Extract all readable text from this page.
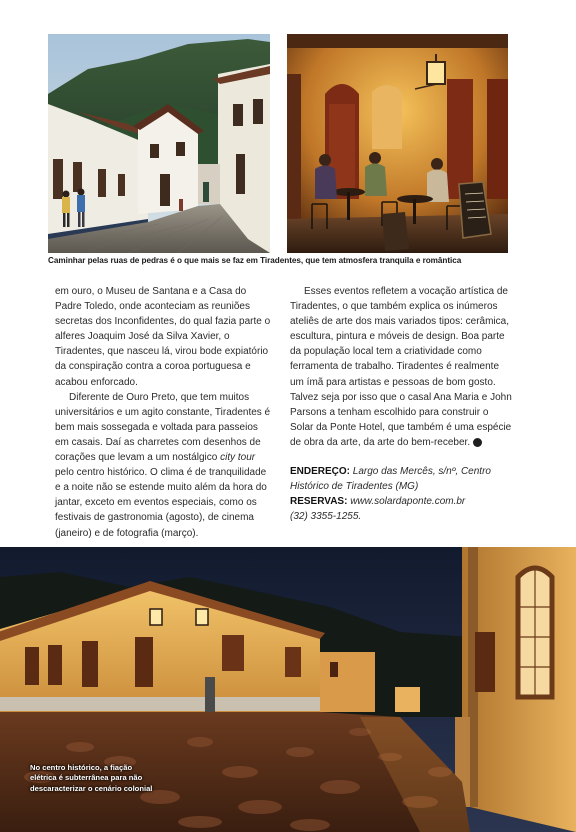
Caminhar pelas ruas de pedras é o que mais se faz em Tiradentes, que tem atmosfera tranquila e romântica

em ouro, o Museu de Santana e a Casa do Padre Toledo, onde aconteciam as reuniões secretas dos Inconfidentes, do qual fazia parte o alferes Joaquim José da Silva Xavier, o Tiradentes, que nasceu lá, virou bode expiatório da conspiração contra a coroa portuguesa e acabou enforcado.

Diferente de Ouro Preto, que tem muitos universitários e um agito constante, Tiradentes é bem mais sossegada e voltada para passeios em casais. Daí as charretes com desenhos de corações que levam a um nostálgico city tour pelo centro histórico. O clima é de tranquilidade e a noite não se estende muito além da hora do jantar, exceto em eventos especiais, como os festivais de gastronomia (agosto), de cinema (janeiro) e de fotografia (março).

Esses eventos refletem a vocação artística de Tiradentes, o que também explica os inúmeros ateliês de arte dos mais variados tipos: cerâmica, escultura, pintura e móveis de design. Boa parte da população local tem a criatividade como ferramenta de trabalho. Tiradentes é realmente um ímã para artistas e pessoas de bom gosto. Talvez seja por isso que o casal Ana Maria e John Parsons a tenham escolhido para construir o Solar da Ponte Hotel, que também é uma espécie de obra da arte, da arte do bem-receber. V

ENDEREÇO: Largo das Mercês, s/nº, Centro Histórico de Tiradentes (MG)
RESERVAS: www.solardaponte.com.br
(32) 3355-1255.

No centro histórico, a fiação
elétrica é subterrânea para não
descaracterizar o cenário colonial
